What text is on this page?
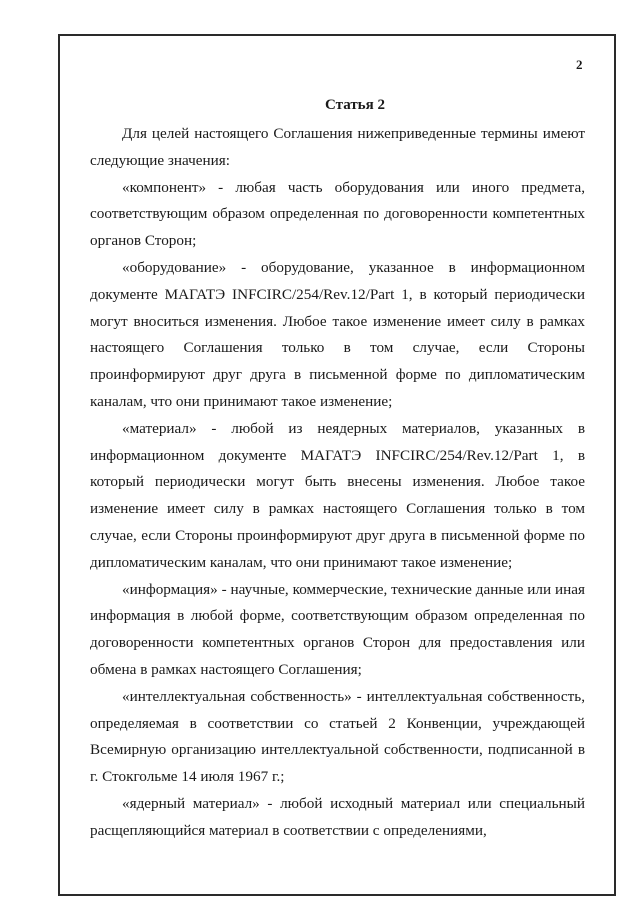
2
Статья 2

Для целей настоящего Соглашения нижеприведенные термины имеют следующие значения:

«компонент» - любая часть оборудования или иного предмета, соответствующим образом определенная по договоренности компетентных органов Сторон;

«оборудование» - оборудование, указанное в информационном документе МАГАТЭ INFCIRC/254/Rev.12/Part 1, в который периодически могут вноситься изменения. Любое такое изменение имеет силу в рамках настоящего Соглашения только в том случае, если Стороны проинформируют друг друга в письменной форме по дипломатическим каналам, что они принимают такое изменение;

«материал» - любой из неядерных материалов, указанных в информационном документе МАГАТЭ INFCIRC/254/Rev.12/Part 1, в который периодически могут быть внесены изменения. Любое такое изменение имеет силу в рамках настоящего Соглашения только в том случае, если Стороны проинформируют друг друга в письменной форме по дипломатическим каналам, что они принимают такое изменение;

«информация» - научные, коммерческие, технические данные или иная информация в любой форме, соответствующим образом определенная по договоренности компетентных органов Сторон для предоставления или обмена в рамках настоящего Соглашения;

«интеллектуальная собственность» - интеллектуальная собственность, определяемая в соответствии со статьей 2 Конвенции, учреждающей Всемирную организацию интеллектуальной собственности, подписанной в г. Стокгольме 14 июля 1967 г.;

«ядерный материал» - любой исходный материал или специальный расщепляющийся материал в соответствии с определениями,
